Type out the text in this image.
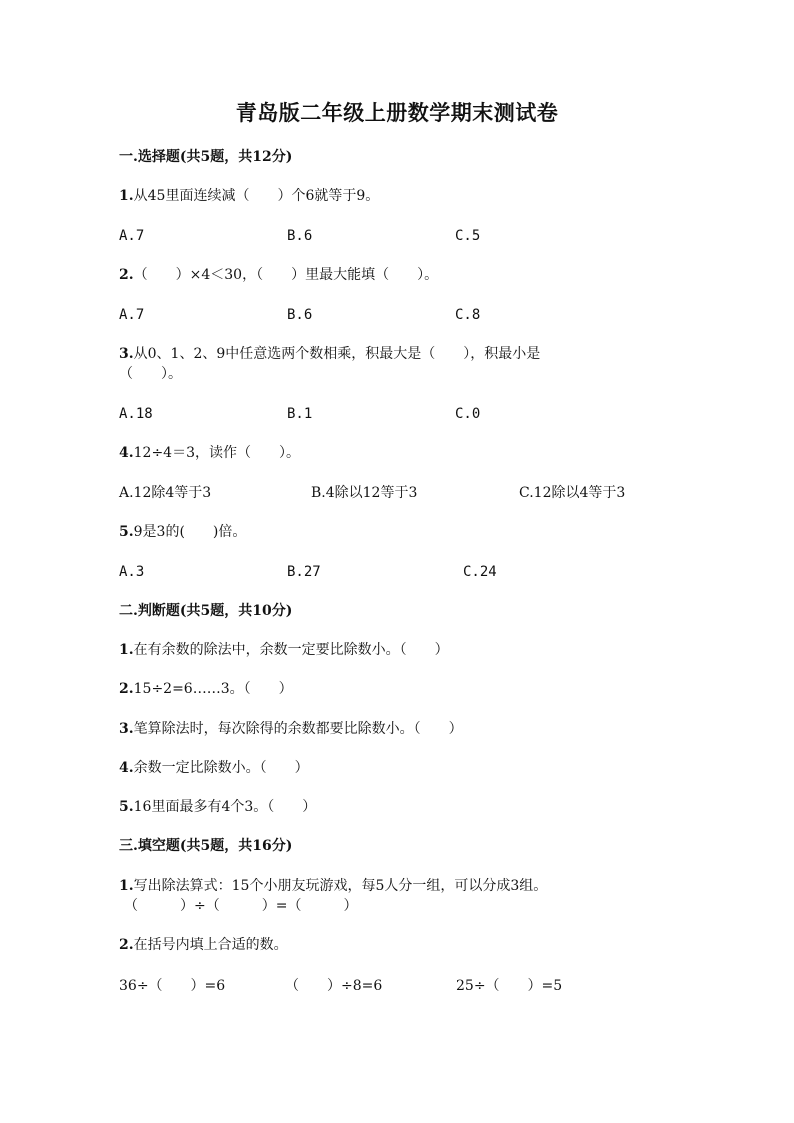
青岛版二年级上册数学期末测试卷
一.选择题(共5题，共12分)
1.从45里面连续减（　　）个6就等于9。
A.7	B.6	C.5
2.（　　）×4＜30，（　　）里最大能填（　　）。
A.7	B.6	C.8
3.从0、1、2、9中任意选两个数相乘，积最大是（　　），积最小是
（　　）。
A.18	B.1	C.0
4.12÷4＝3，读作（　　）。
A.12除4等于3	B.4除以12等于3	C.12除以4等于3
5.9是3的(　　)倍。
A.3	B.27	C.24
二.判断题(共5题，共10分)
1.在有余数的除法中，余数一定要比除数小。（　　）
2.15÷2=6……3。（　　）
3.笔算除法时，每次除得的余数都要比除数小。（　　）
4.余数一定比除数小。（　　）
5.16里面最多有4个3。（　　）
三.填空题(共5题，共16分)
1.写出除法算式：15个小朋友玩游戏，每5人分一组，可以分成3组。
（　　　）÷（　　　）=（　　　）
2.在括号内填上合适的数。
36÷（　　）=6	（　　）÷8=6	25÷（　　）=5
